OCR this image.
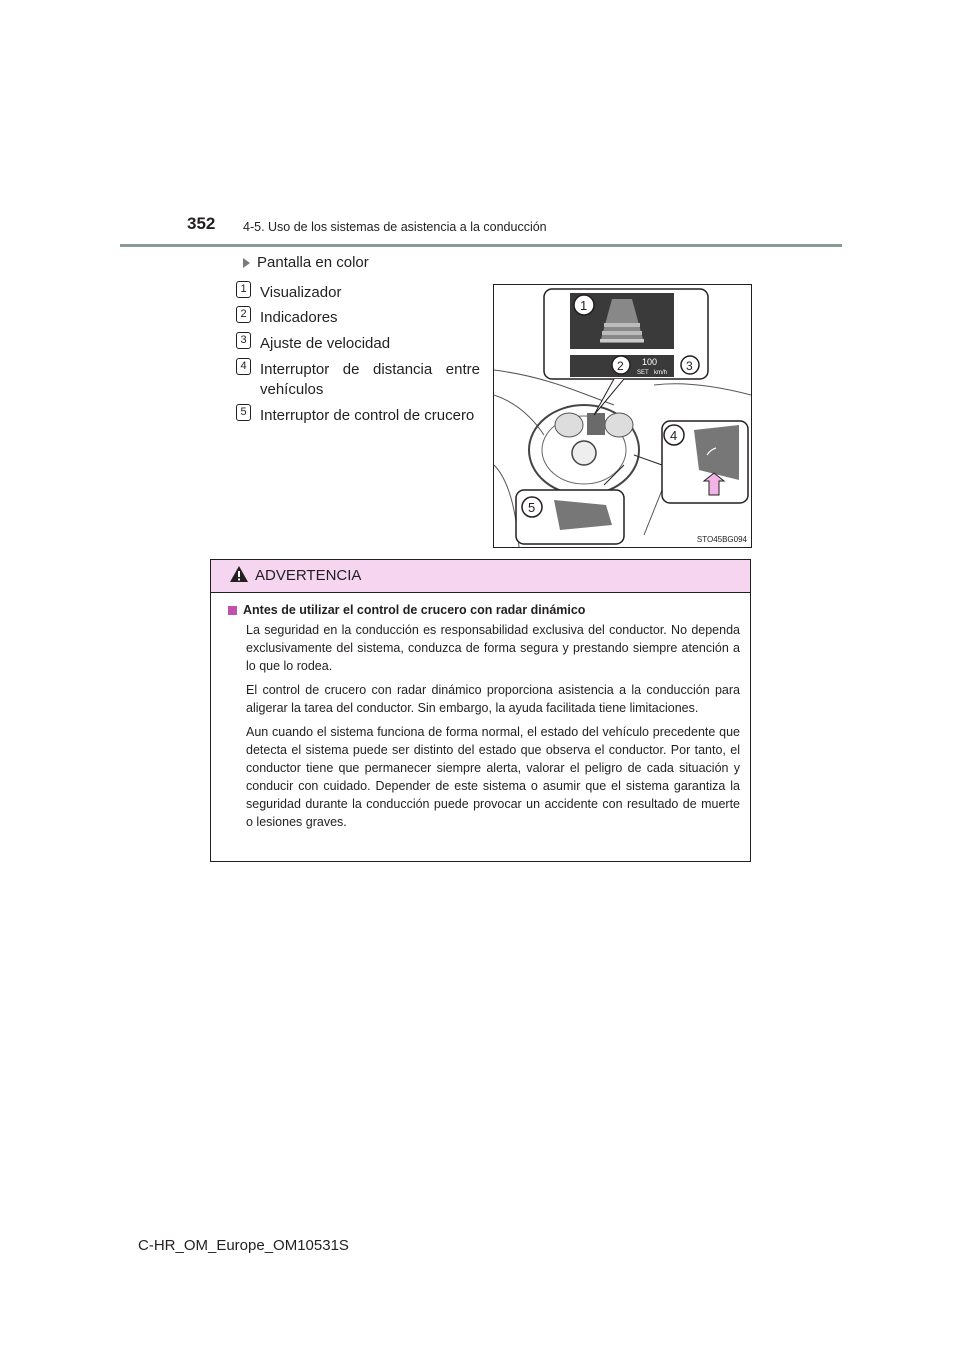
352 4-5. Uso de los sistemas de asistencia a la conducción
Pantalla en color
1 Visualizador
2 Indicadores
3 Ajuste de velocidad
4 Interruptor de distancia entre vehículos
5 Interruptor de control de crucero
100
SET km/h
1
2	3
4
5
STO45BG094
ADVERTENCIA
Antes de utilizar el control de crucero con radar dinámico

La seguridad en la conducción es responsabilidad exclusiva del conductor. No dependa exclusivamente del sistema, conduzca de forma segura y prestando siempre atención a lo que lo rodea.

El control de crucero con radar dinámico proporciona asistencia a la conducción para aligerar la tarea del conductor. Sin embargo, la ayuda facilitada tiene limitaciones.

Aun cuando el sistema funciona de forma normal, el estado del vehículo precedente que detecta el sistema puede ser distinto del estado que observa el conductor. Por tanto, el conductor tiene que permanecer siempre alerta, valorar el peligro de cada situación y conducir con cuidado. Depender de este sistema o asumir que el sistema garantiza la seguridad durante la conducción puede provocar un accidente con resultado de muerte o lesiones graves.

C-HR_OM_Europe_OM10531S
